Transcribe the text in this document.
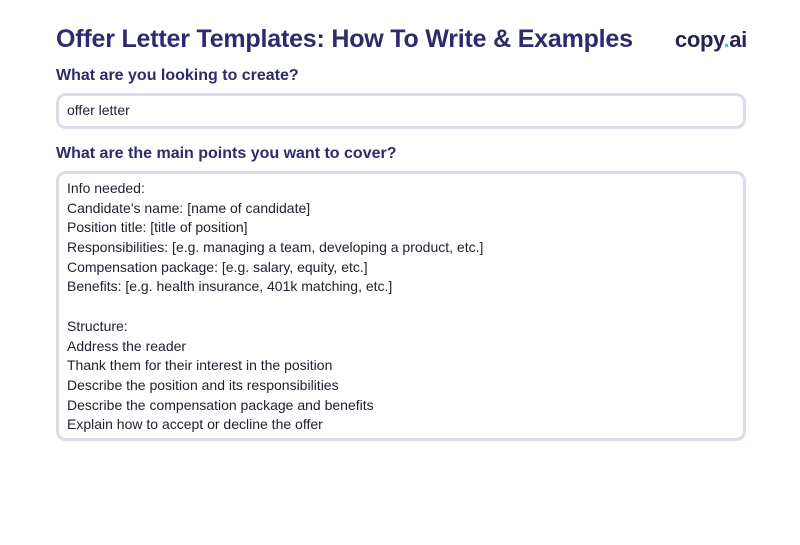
Offer Letter Templates: How To Write & Examples copy.ai
What are you looking to create?
offer letter
What are the main points you want to cover?
Info needed:
Candidate's name: [name of candidate]
Position title: [title of position]
Responsibilities: [e.g. managing a team, developing a product, etc.]
Compensation package: [e.g. salary, equity, etc.]
Benefits: [e.g. health insurance, 401k matching, etc.]
Structure:
Address the reader
Thank them for their interest in the position
Describe the position and its responsibilities
Describe the compensation package and benefits
Explain how to accept or decline the offer
